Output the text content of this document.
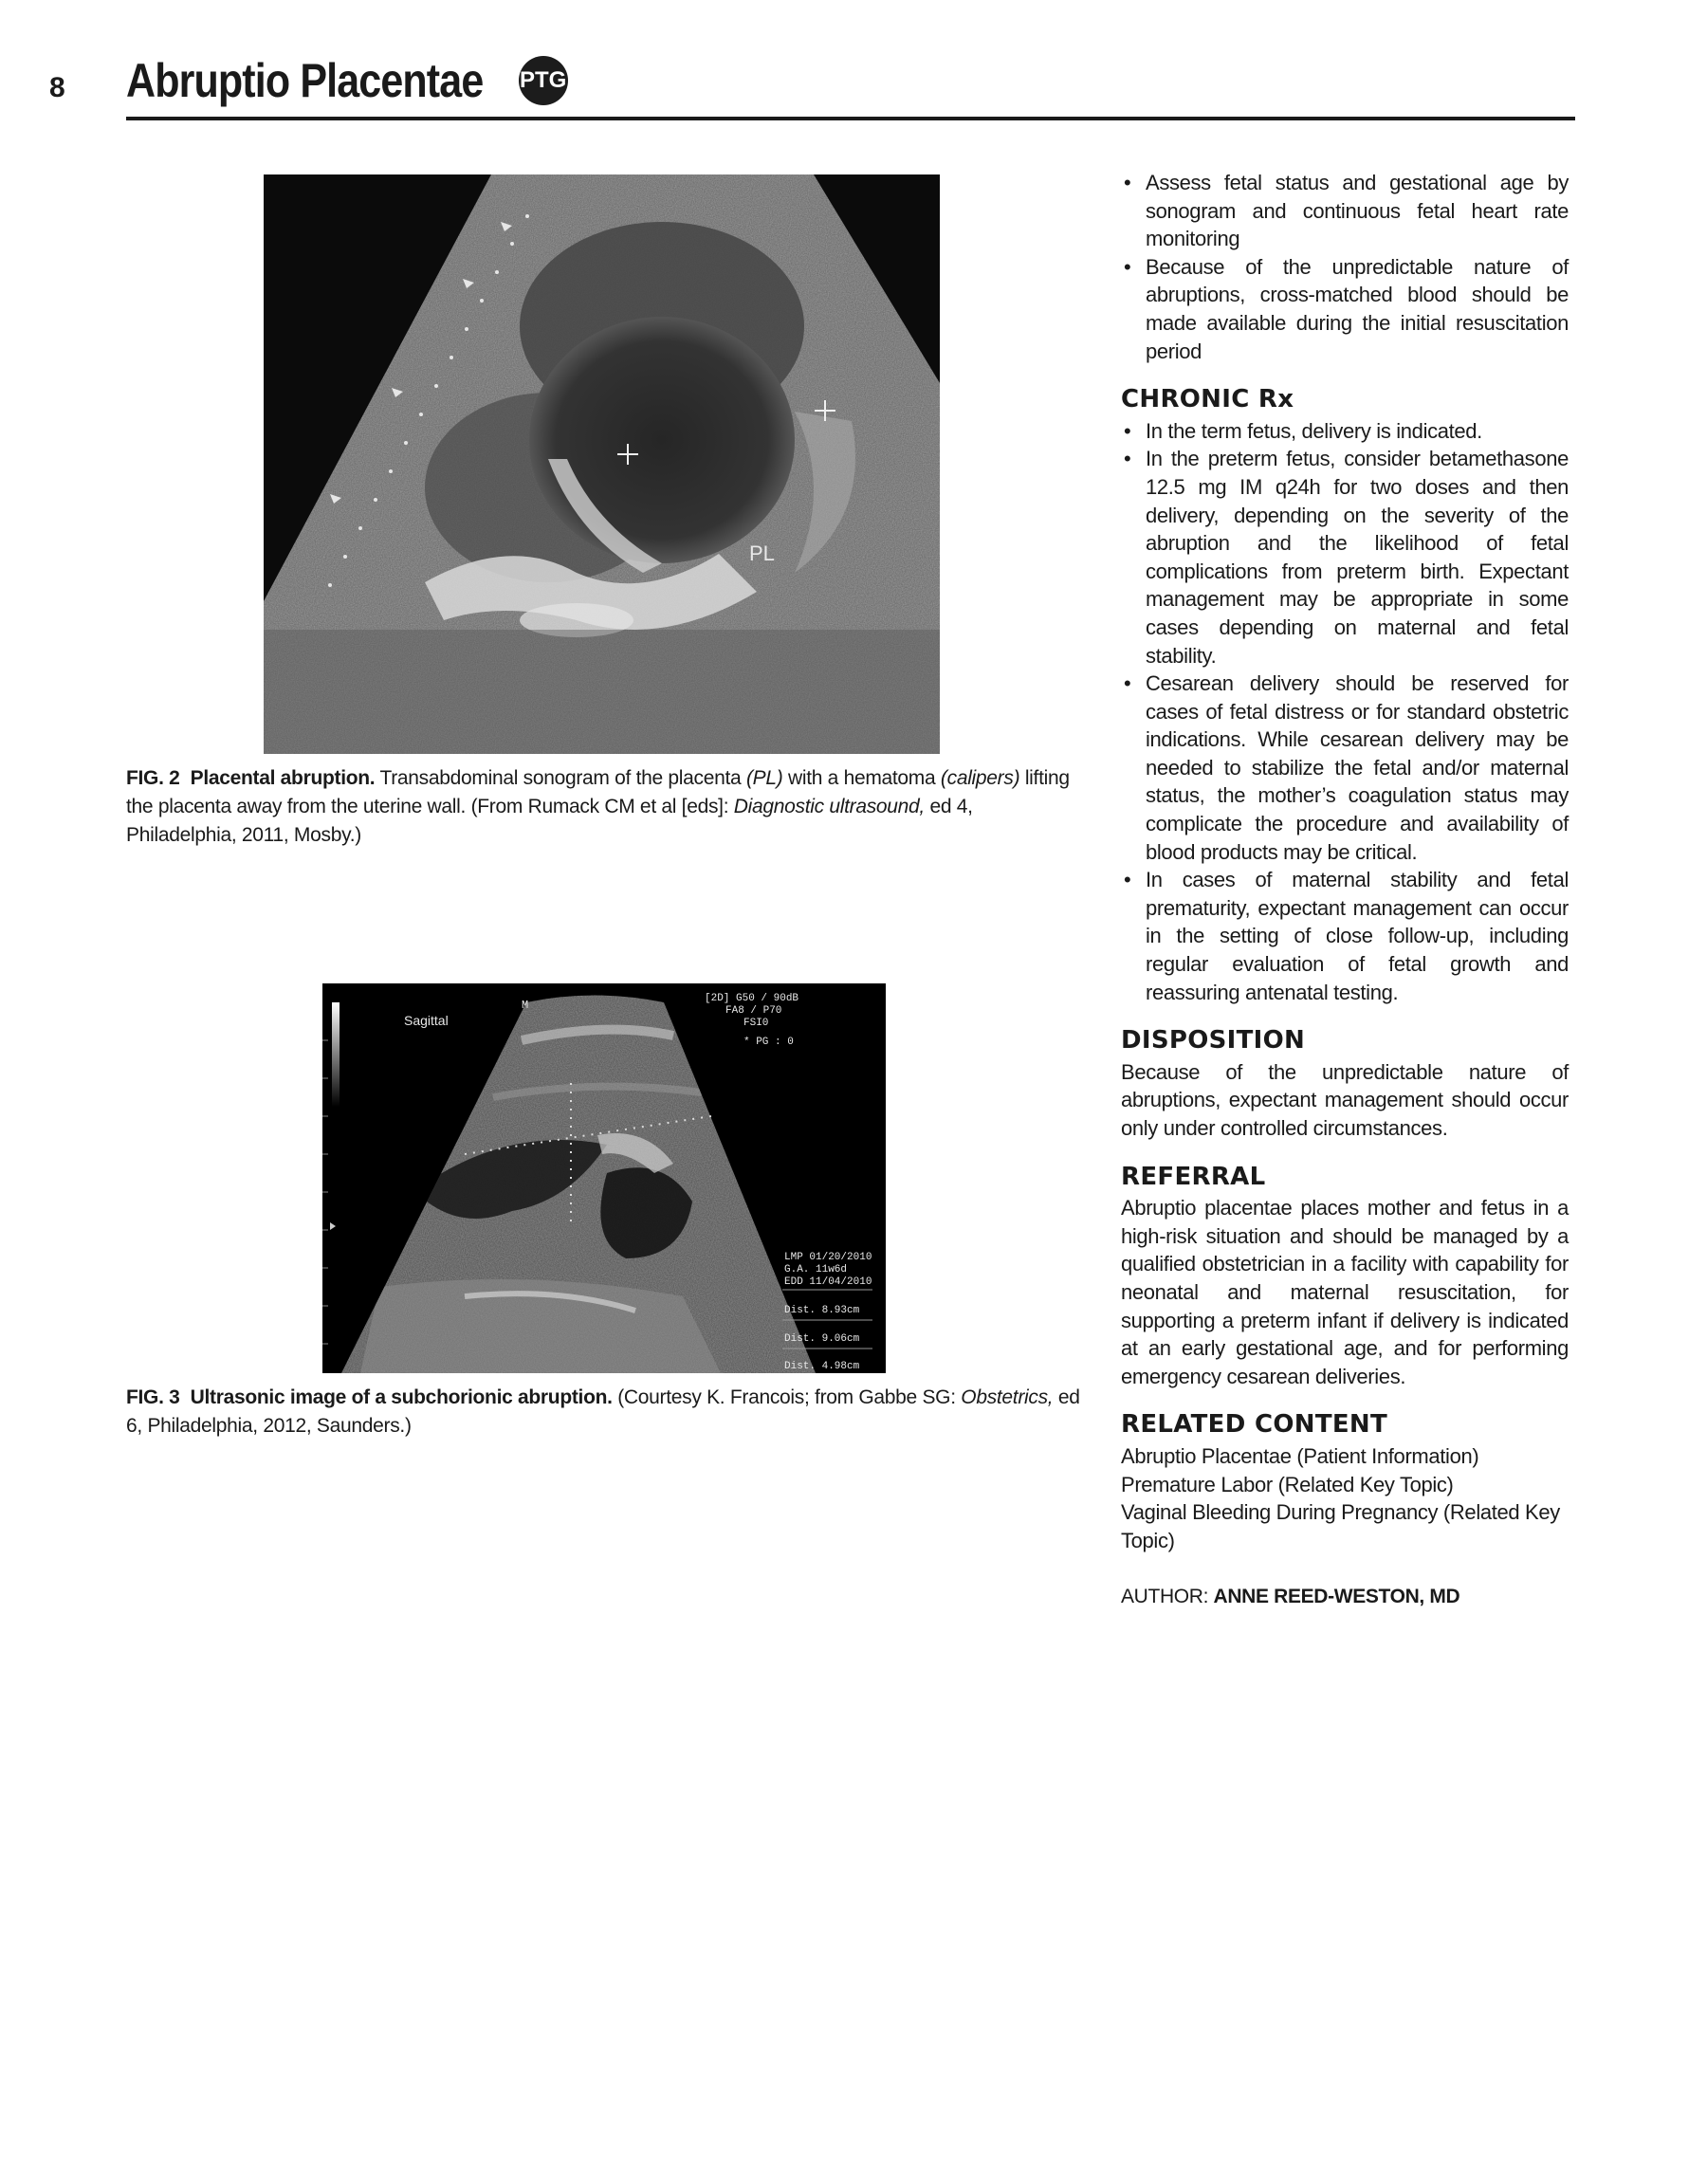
8 Abruptio Placentae PTG
PL
FIG. 2 Placental abruption. Transabdominal sonogram of the placenta (PL) with a hematoma (calipers) lifting the placenta away from the uterine wall. (From Rumack CM et al [eds]: Diagnostic ultrasound, ed 4, Philadelphia, 2011, Mosby.)
Sagittal
M	[2D] G50 / 90dB
FA8 / P70
FSI0
* PG : 0
LMP 01/20/2010
G.A. 11w6d
EDD 11/04/2010
Dist. 8.93cm
Dist. 9.06cm
Dist. 4.98cm
FIG. 3 Ultrasonic image of a subchorionic abruption. (Courtesy K. Francois; from Gabbe SG: Obstetrics, ed 6, Philadelphia, 2012, Saunders.)
• Assess fetal status and gestational age by sonogram and continuous fetal heart rate monitoring
• Because of the unpredictable nature of abruptions, cross-matched blood should be made available during the initial resuscitation period
CHRONIC Rx
• In the term fetus, delivery is indicated.
• In the preterm fetus, consider betamethasone 12.5 mg IM q24h for two doses and then delivery, depending on the severity of the abruption and the likelihood of fetal complications from preterm birth. Expectant management may be appropriate in some cases depending on maternal and fetal stability.
• Cesarean delivery should be reserved for cases of fetal distress or for standard obstetric indications. While cesarean delivery may be needed to stabilize the fetal and/or maternal status, the mother’s coagulation status may complicate the procedure and availability of blood products may be critical.
• In cases of maternal stability and fetal prematurity, expectant management can occur in the setting of close follow-up, including regular evaluation of fetal growth and reassuring antenatal testing.
DISPOSITION
Because of the unpredictable nature of abruptions, expectant management should occur only under controlled circumstances.
REFERRAL
Abruptio placentae places mother and fetus in a high-risk situation and should be managed by a qualified obstetrician in a facility with capability for neonatal and maternal resuscitation, for supporting a preterm infant if delivery is indicated at an early gestational age, and for performing emergency cesarean deliveries.
RELATED CONTENT
Abruptio Placentae (Patient Information)
Premature Labor (Related Key Topic)
Vaginal Bleeding During Pregnancy (Related Key Topic)
AUTHOR: ANNE REED-WESTON, MD
